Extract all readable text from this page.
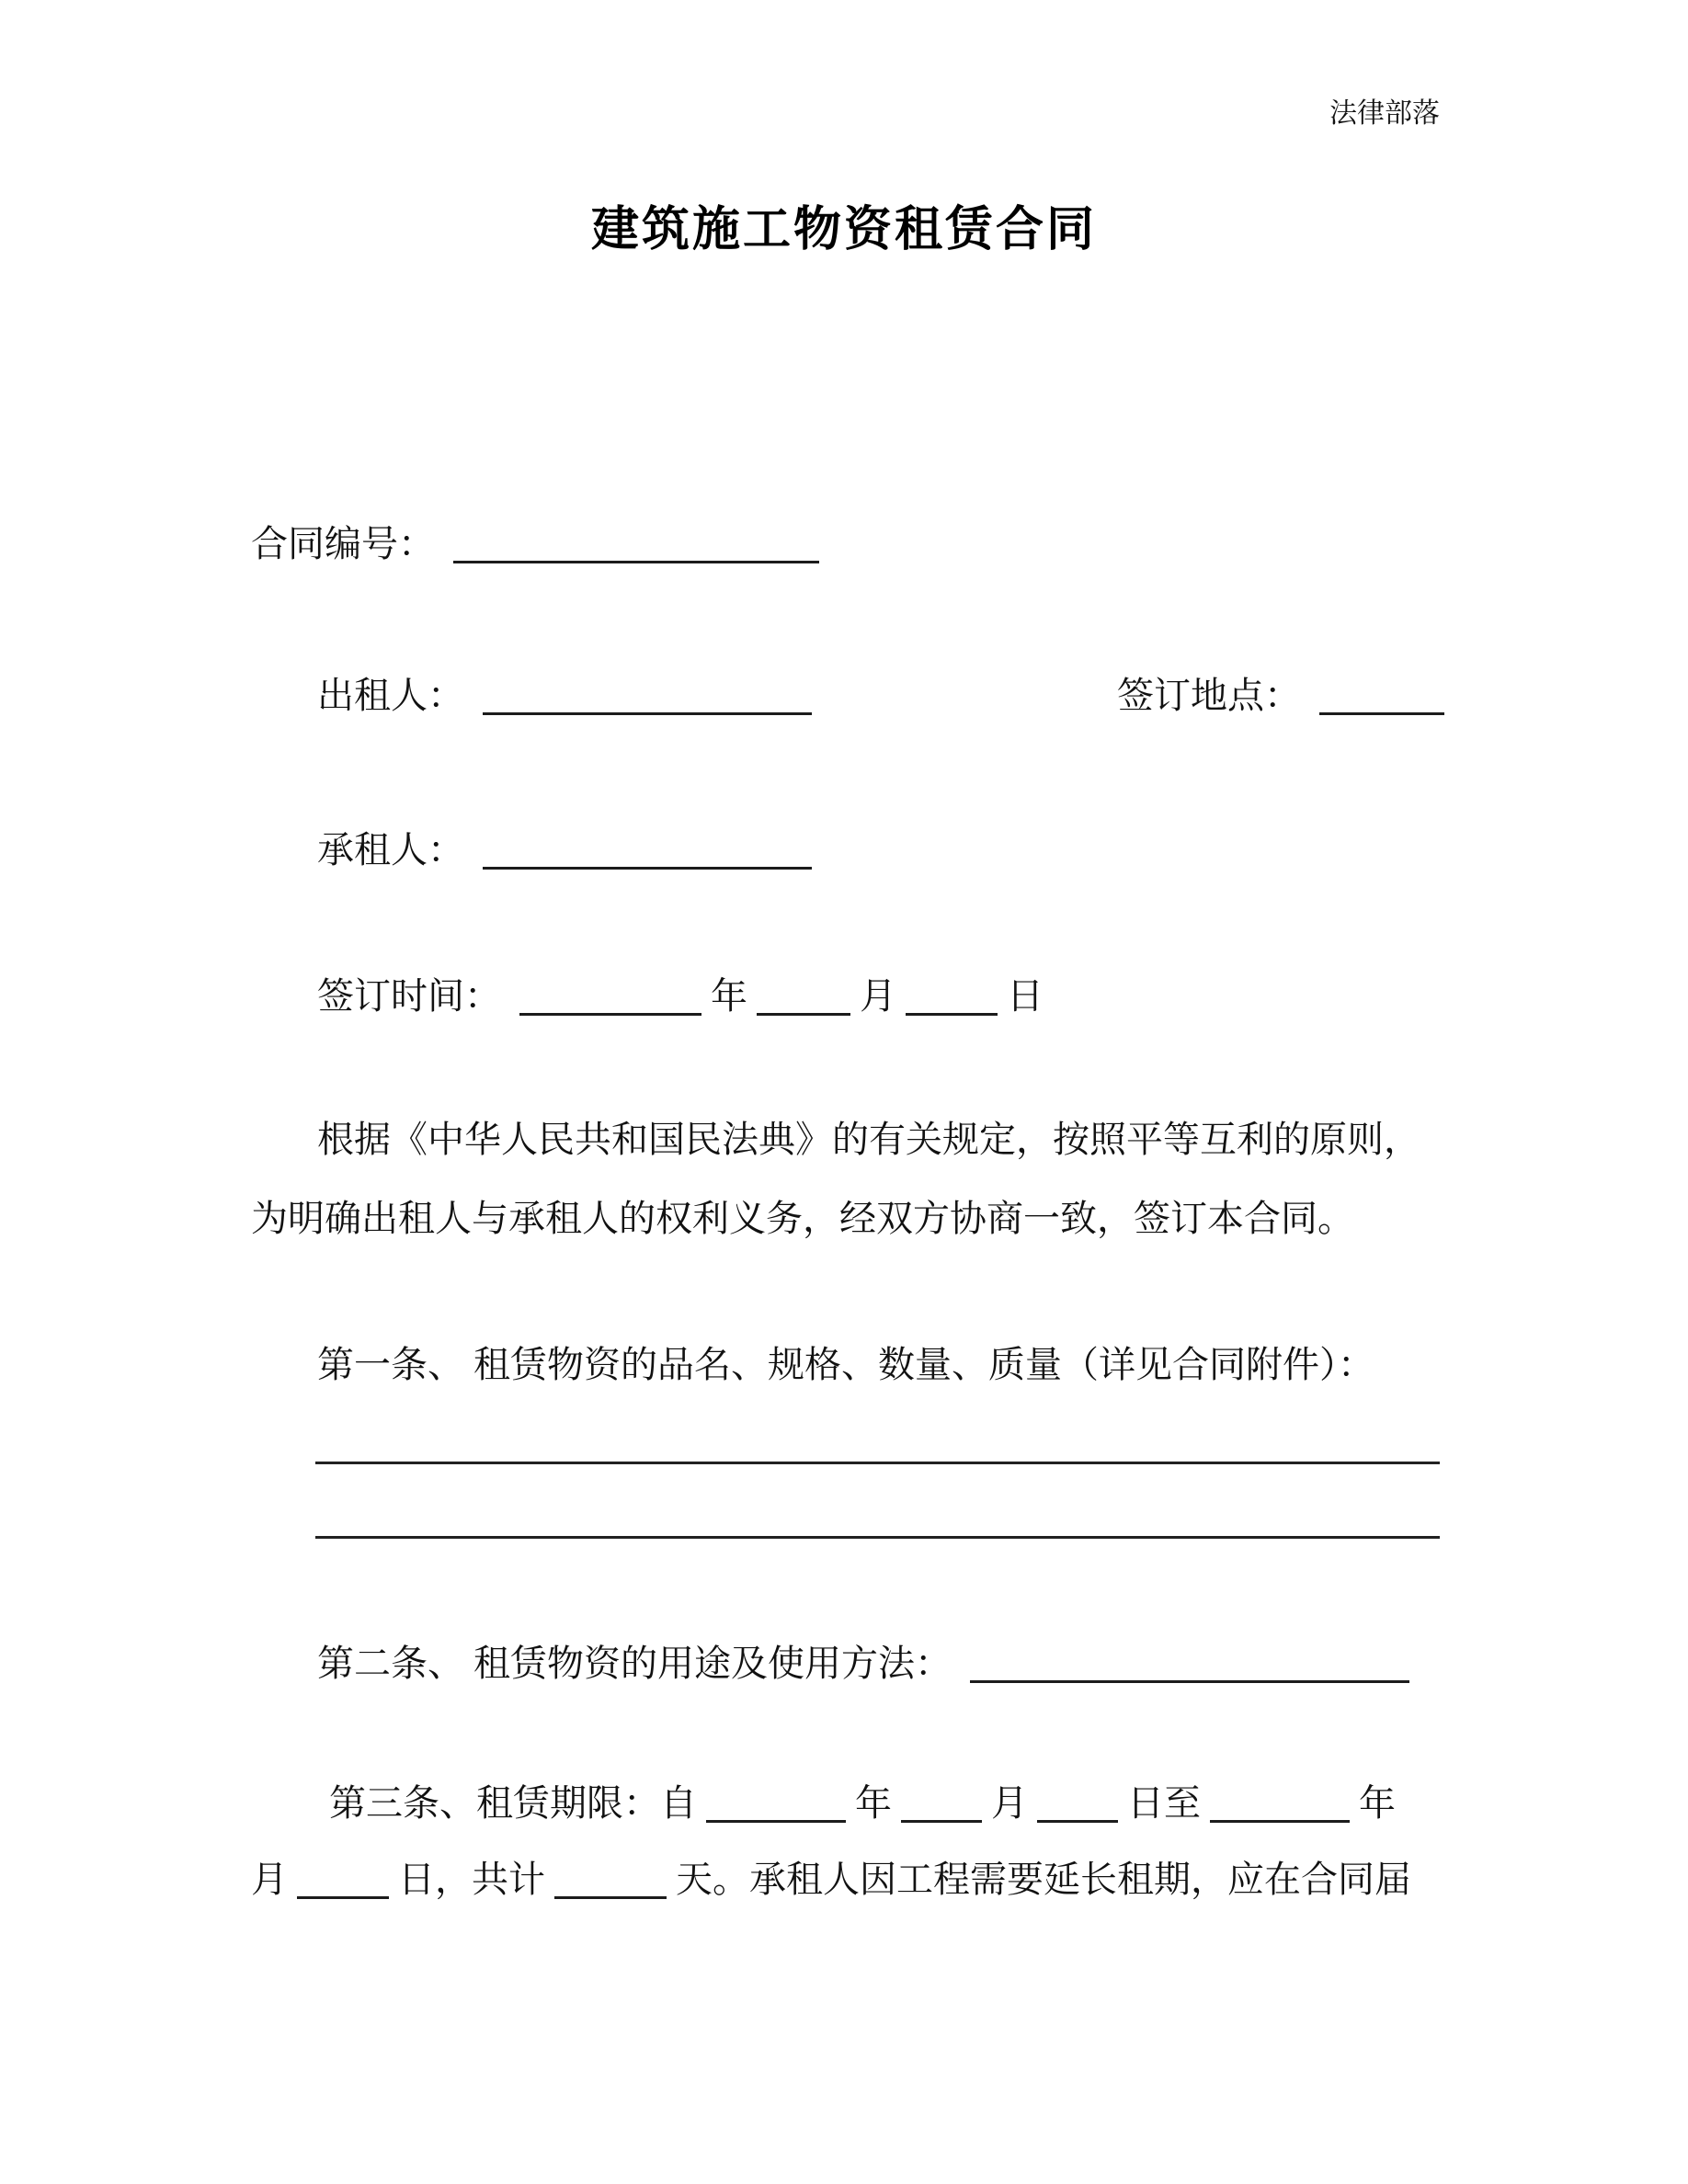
法律部落
建筑施工物资租赁合同
合同编号：
出租人：	签订地点：
承租人：
签订时间：	年	月	日
根据《中华人民共和国民法典》的有关规定，按照平等互利的原则，
为明确出租人与承租人的权利义务，经双方协商一致，签订本合同。
第一条、 租赁物资的品名、规格、数量、质量（详见合同附件）：
第二条、 租赁物资的用途及使用方法：
第三条、租赁期限：自	年	月	日至	年
月	日，共计	天。承租人因工程需要延长租期，应在合同届
